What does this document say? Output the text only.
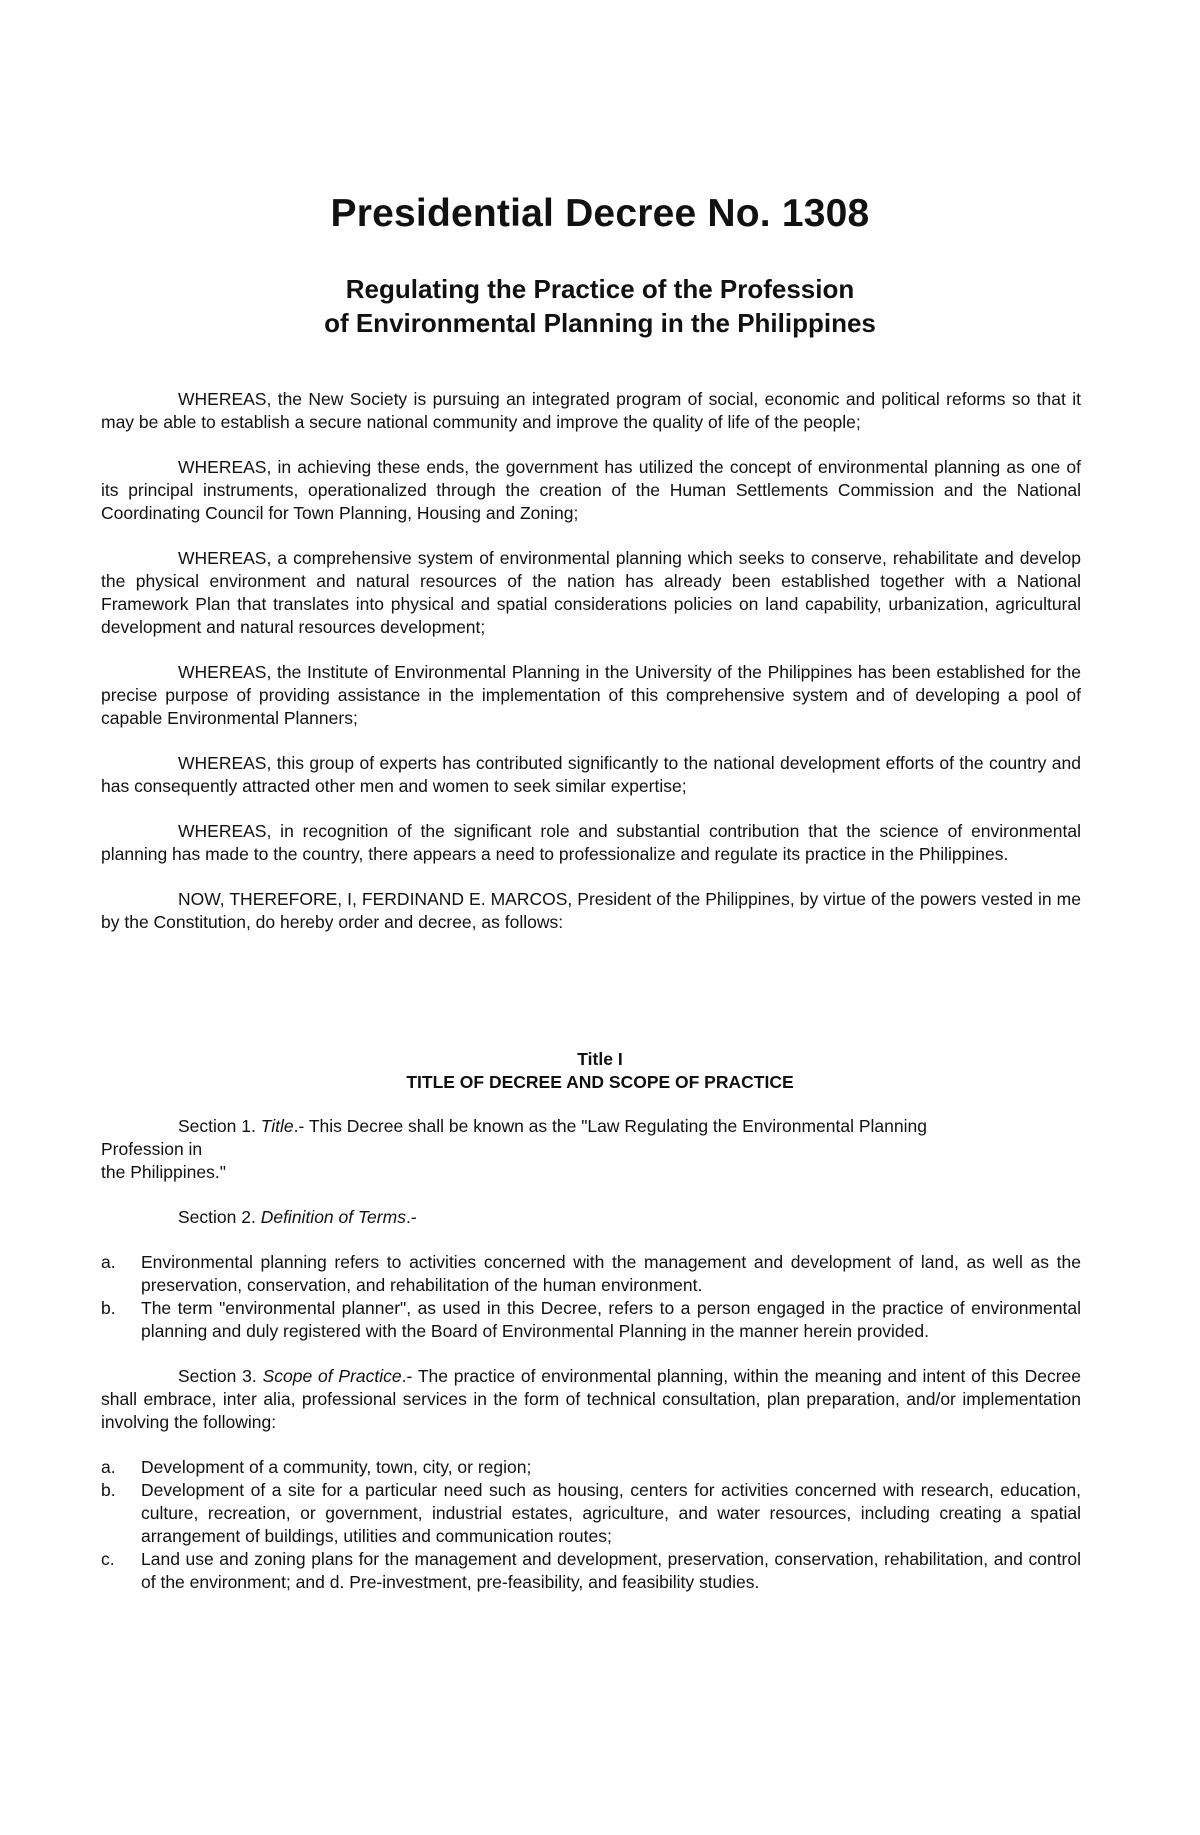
Presidential Decree No. 1308
Regulating the Practice of the Profession
of Environmental Planning in the Philippines

WHEREAS, the New Society is pursuing an integrated program of social, economic and political reforms so that it may be able to establish a secure national community and improve the quality of life of the people;

WHEREAS, in achieving these ends, the government has utilized the concept of environmental planning as one of its principal instruments, operationalized through the creation of the Human Settlements Commission and the National Coordinating Council for Town Planning, Housing and Zoning;

WHEREAS, a comprehensive system of environmental planning which seeks to conserve, rehabilitate and develop the physical environment and natural resources of the nation has already been established together with a National Framework Plan that translates into physical and spatial considerations policies on land capability, urbanization, agricultural development and natural resources development;

WHEREAS, the Institute of Environmental Planning in the University of the Philippines has been established for the precise purpose of providing assistance in the implementation of this comprehensive system and of developing a pool of capable Environmental Planners;

WHEREAS, this group of experts has contributed significantly to the national development efforts of the country and has consequently attracted other men and women to seek similar expertise;

WHEREAS, in recognition of the significant role and substantial contribution that the science of environmental planning has made to the country, there appears a need to professionalize and regulate its practice in the Philippines.

NOW, THEREFORE, I, FERDINAND E. MARCOS, President of the Philippines, by virtue of the powers vested in me by the Constitution, do hereby order and decree, as follows:

Title I
TITLE OF DECREE AND SCOPE OF PRACTICE

Section 1. Title.- This Decree shall be known as the "Law Regulating the Environmental Planning

Profession in

the Philippines."

Section 2. Definition of Terms.-

a. Environmental planning refers to activities concerned with the management and development of land, as well as the preservation, conservation, and rehabilitation of the human environment.
b. The term "environmental planner", as used in this Decree, refers to a person engaged in the practice of environmental planning and duly registered with the Board of Environmental Planning in the manner herein provided.

Section 3. Scope of Practice.- The practice of environmental planning, within the meaning and intent of this Decree shall embrace, inter alia, professional services in the form of technical consultation, plan preparation, and/or implementation involving the following:

a. Development of a community, town, city, or region;
b. Development of a site for a particular need such as housing, centers for activities concerned with research, education, culture, recreation, or government, industrial estates, agriculture, and water resources, including creating a spatial arrangement of buildings, utilities and communication routes;
c. Land use and zoning plans for the management and development, preservation, conservation, rehabilitation, and control of the environment; and d. Pre-investment, pre-feasibility, and feasibility studies.
